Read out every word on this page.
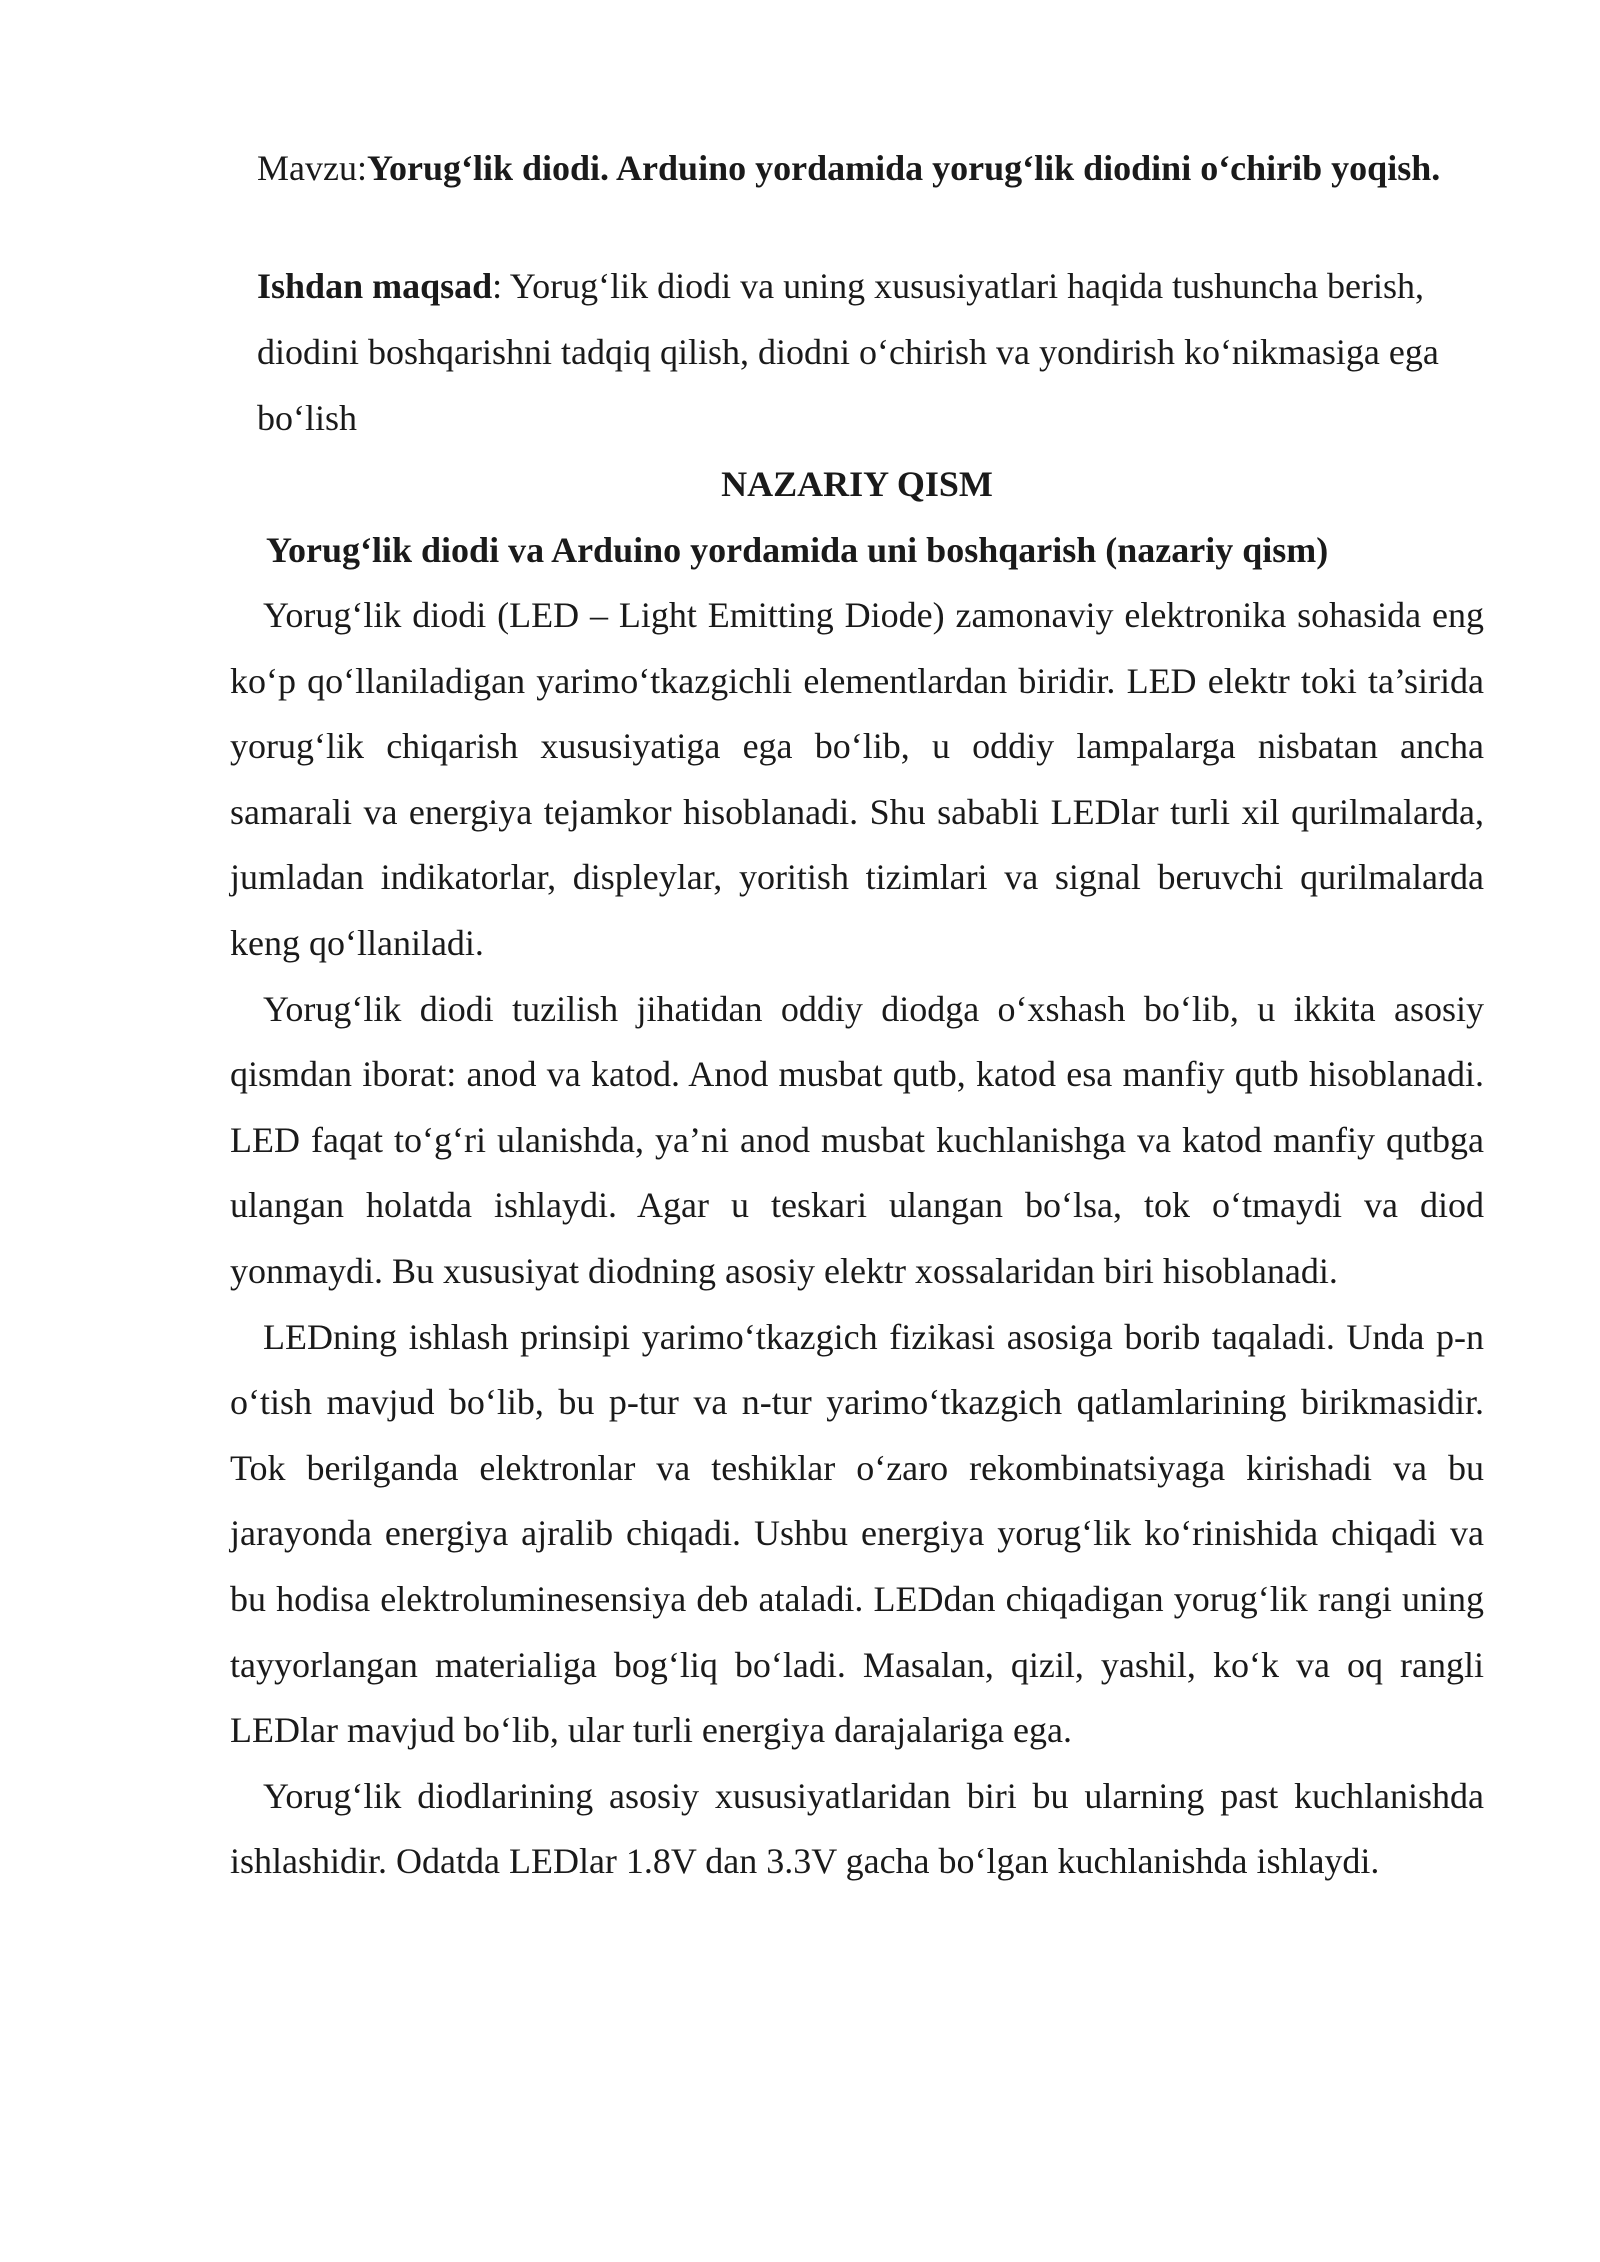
Mavzu:Yorug‘lik diodi. Arduino yordamida yorug‘lik diodini o‘chirib yoqish.

Ishdan maqsad: Yorug‘lik diodi va uning xususiyatlari haqida tushuncha berish, diodini boshqarishni tadqiq qilish, diodni o‘chirish va yondirish ko‘nikmasiga ega bo‘lish

NAZARIY QISM

Yorug‘lik diodi va Arduino yordamida uni boshqarish (nazariy qism)

Yorug‘lik diodi (LED – Light Emitting Diode) zamonaviy elektronika sohasida eng ko‘p qo‘llaniladigan yarimo‘tkazgichli elementlardan biridir. LED elektr toki ta’sirida yorug‘lik chiqarish xususiyatiga ega bo‘lib, u oddiy lampalarga nisbatan ancha samarali va energiya tejamkor hisoblanadi. Shu sababli LEDlar turli xil qurilmalarda, jumladan indikatorlar, displeylar, yoritish tizimlari va signal beruvchi qurilmalarda keng qo‘llaniladi.

Yorug‘lik diodi tuzilish jihatidan oddiy diodga o‘xshash bo‘lib, u ikkita asosiy qismdan iborat: anod va katod. Anod musbat qutb, katod esa manfiy qutb hisoblanadi. LED faqat to‘g‘ri ulanishda, ya’ni anod musbat kuchlanishga va katod manfiy qutbga ulangan holatda ishlaydi. Agar u teskari ulangan bo‘lsa, tok o‘tmaydi va diod yonmaydi. Bu xususiyat diodning asosiy elektr xossalaridan biri hisoblanadi.

LEDning ishlash prinsipi yarimo‘tkazgich fizikasi asosiga borib taqaladi. Unda p-n o‘tish mavjud bo‘lib, bu p-tur va n-tur yarimo‘tkazgich qatlamlarining birikmasidir. Tok berilganda elektronlar va teshiklar o‘zaro rekombinatsiyaga kirishadi va bu jarayonda energiya ajralib chiqadi. Ushbu energiya yorug‘lik ko‘rinishida chiqadi va bu hodisa elektroluminesensiya deb ataladi. LEDdan chiqadigan yorug‘lik rangi uning tayyorlangan materialiga bog‘liq bo‘ladi. Masalan, qizil, yashil, ko‘k va oq rangli LEDlar mavjud bo‘lib, ular turli energiya darajalariga ega.

Yorug‘lik diodlarining asosiy xususiyatlaridan biri bu ularning past kuchlanishda ishlashidir. Odatda LEDlar 1.8V dan 3.3V gacha bo‘lgan kuchlanishda ishlaydi.
